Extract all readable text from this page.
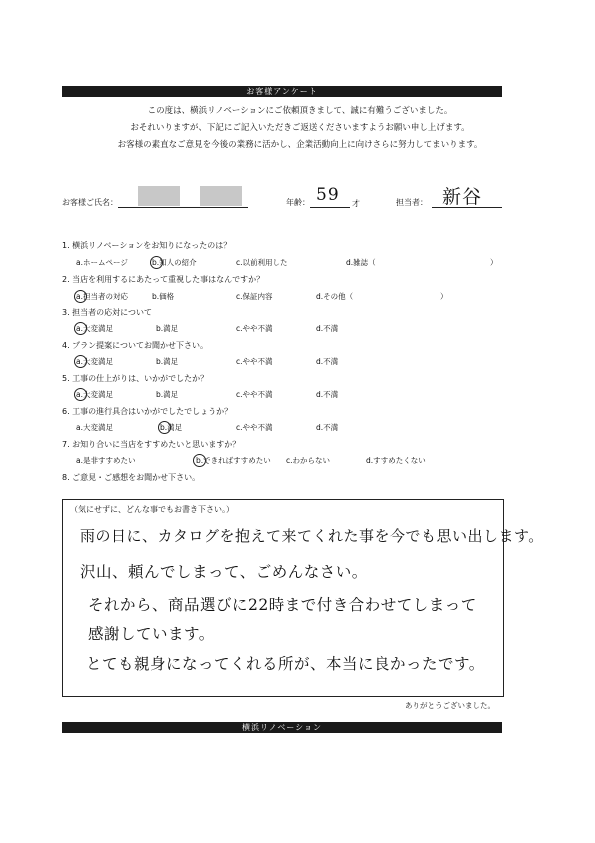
お客様アンケート
この度は、横浜リノベーションにご依頼頂きまして、誠に有難うございました。
おそれいりますが、下記にご記入いただきご返送くださいますようお願い申し上げます。
お客様の素直なご意見を今後の業務に活かし、企業活動向上に向けさらに努力してまいります。
お客様ご氏名：	年齢： 59 才	担当者： 新谷
1. 横浜リノベーションをお知りになったのは？
a.ホームページ	b.知人の紹介	c.以前利用した	d.雑誌（	）
2. 当店を利用するにあたって重視した事はなんですか？
a.担当者の対応	b.価格	c.保証内容	d.その他（	）
3. 担当者の応対について
a.大変満足	b.満足	c.やや不満	d.不満
4. プラン提案についてお聞かせ下さい。
a.大変満足	b.満足	c.やや不満	d.不満
5. 工事の仕上がりは、いかがでしたか？
a.大変満足	b.満足	c.やや不満	d.不満
6. 工事の進行具合はいかがでしたでしょうか？
a.大変満足	b.満足	c.やや不満	d.不満
7. お知り合いに当店をすすめたいと思いますか？
a.是非すすめたい	b.できればすすめたい c.わからない	d.すすめたくない
8. ご意見・ご感想をお聞かせ下さい。
（気にせずに、どんな事でもお書き下さい。）
雨の日に、カタログを抱えて来てくれた事を今でも思い出します。
沢山、頼んでしまって、ごめんなさい。
それから、商品選びに22時まで付き合わせてしまって
感謝しています。
とても親身になってくれる所が、本当に良かったです。
ありがとうございました。
横浜リノベーション
